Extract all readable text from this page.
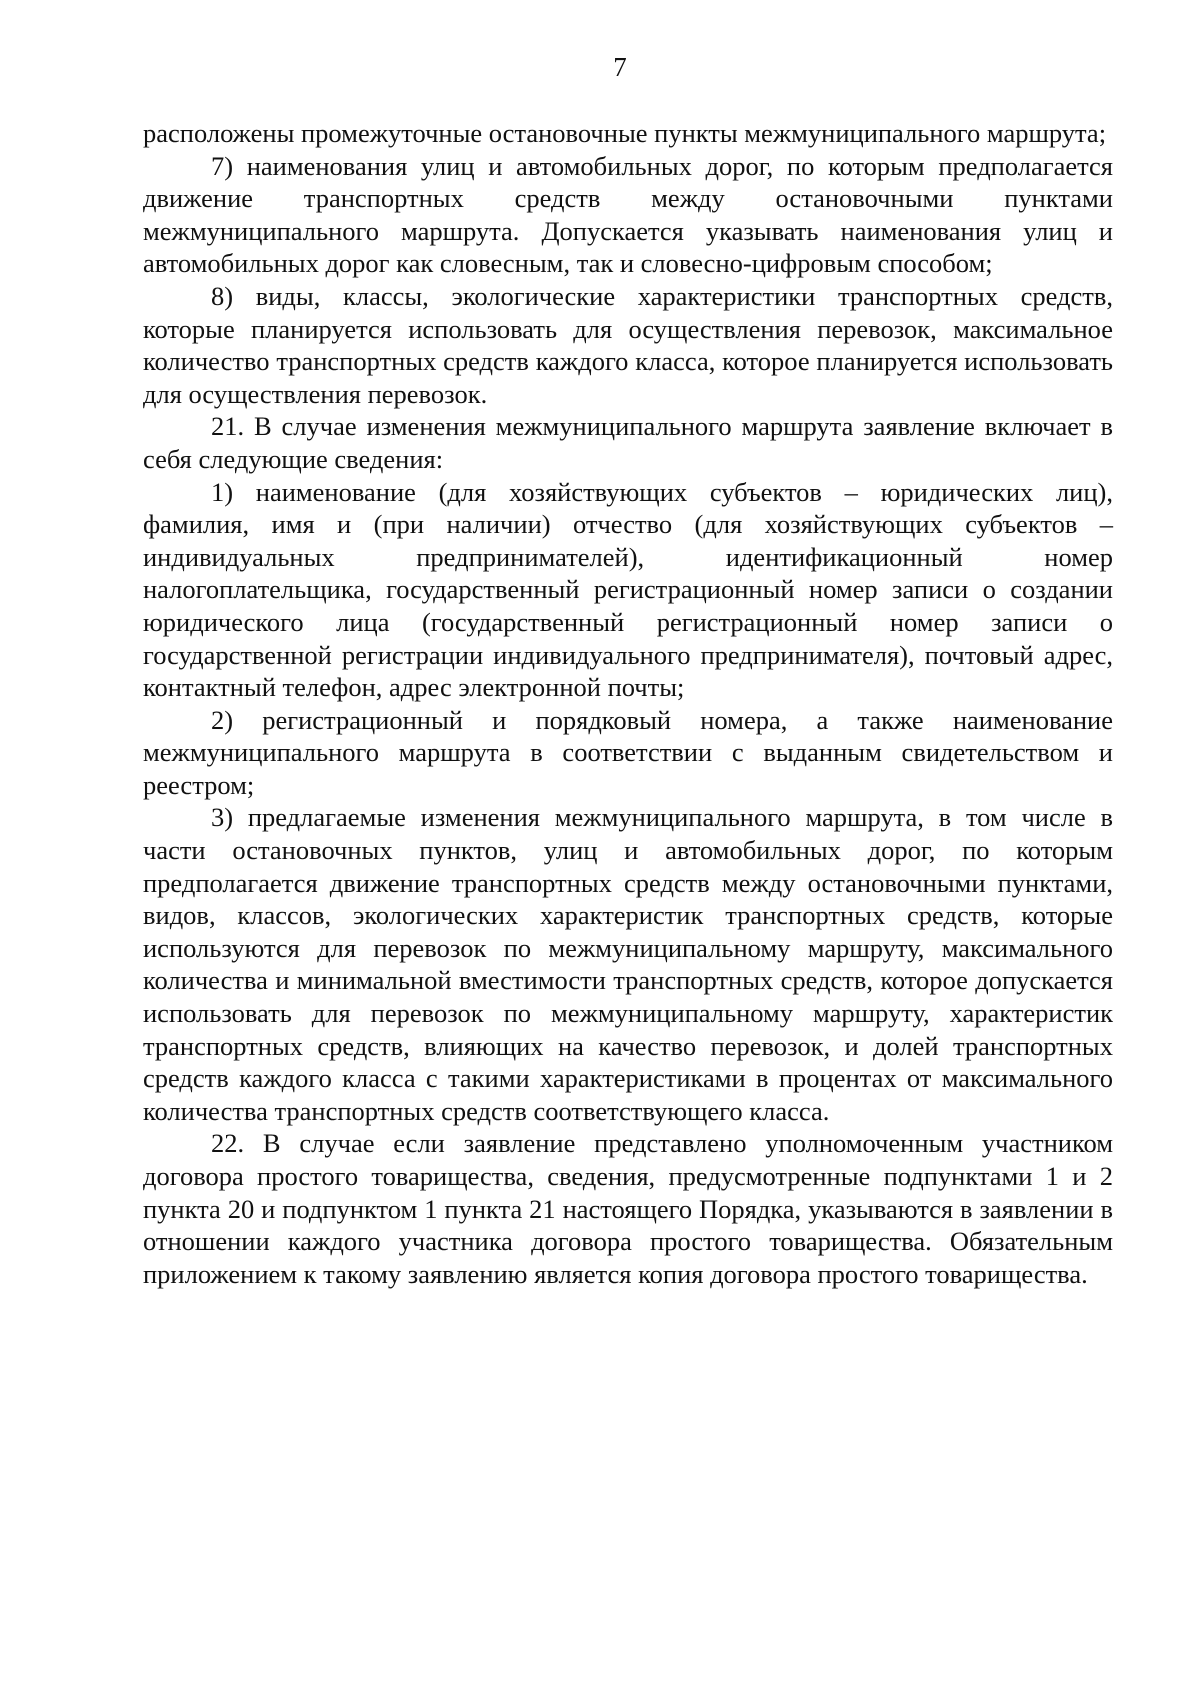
7

расположены промежуточные остановочные пункты межмуниципального маршрута;

7) наименования улиц и автомобильных дорог, по которым предполагается движение транспортных средств между остановочными пунктами межмуниципального маршрута. Допускается указывать наименования улиц и автомобильных дорог как словесным, так и словесно-цифровым способом;

8) виды, классы, экологические характеристики транспортных средств, которые планируется использовать для осуществления перевозок, максимальное количество транспортных средств каждого класса, которое планируется использовать для осуществления перевозок.

21. В случае изменения межмуниципального маршрута заявление включает в себя следующие сведения:

1) наименование (для хозяйствующих субъектов – юридических лиц), фамилия, имя и (при наличии) отчество (для хозяйствующих субъектов – индивидуальных предпринимателей), идентификационный номер налогоплательщика, государственный регистрационный номер записи о создании юридического лица (государственный регистрационный номер записи о государственной регистрации индивидуального предпринимателя), почтовый адрес, контактный телефон, адрес электронной почты;

2) регистрационный и порядковый номера, а также наименование межмуниципального маршрута в соответствии с выданным свидетельством и реестром;

3) предлагаемые изменения межмуниципального маршрута, в том числе в части остановочных пунктов, улиц и автомобильных дорог, по которым предполагается движение транспортных средств между остановочными пунктами, видов, классов, экологических характеристик транспортных средств, которые используются для перевозок по межмуниципальному маршруту, максимального количества и минимальной вместимости транспортных средств, которое допускается использовать для перевозок по межмуниципальному маршруту, характеристик транспортных средств, влияющих на качество перевозок, и долей транспортных средств каждого класса с такими характеристиками в процентах от максимального количества транспортных средств соответствующего класса.

22. В случае если заявление представлено уполномоченным участником договора простого товарищества, сведения, предусмотренные подпунктами 1 и 2 пункта 20 и подпунктом 1 пункта 21 настоящего Порядка, указываются в заявлении в отношении каждого участника договора простого товарищества. Обязательным приложением к такому заявлению является копия договора простого товарищества.
